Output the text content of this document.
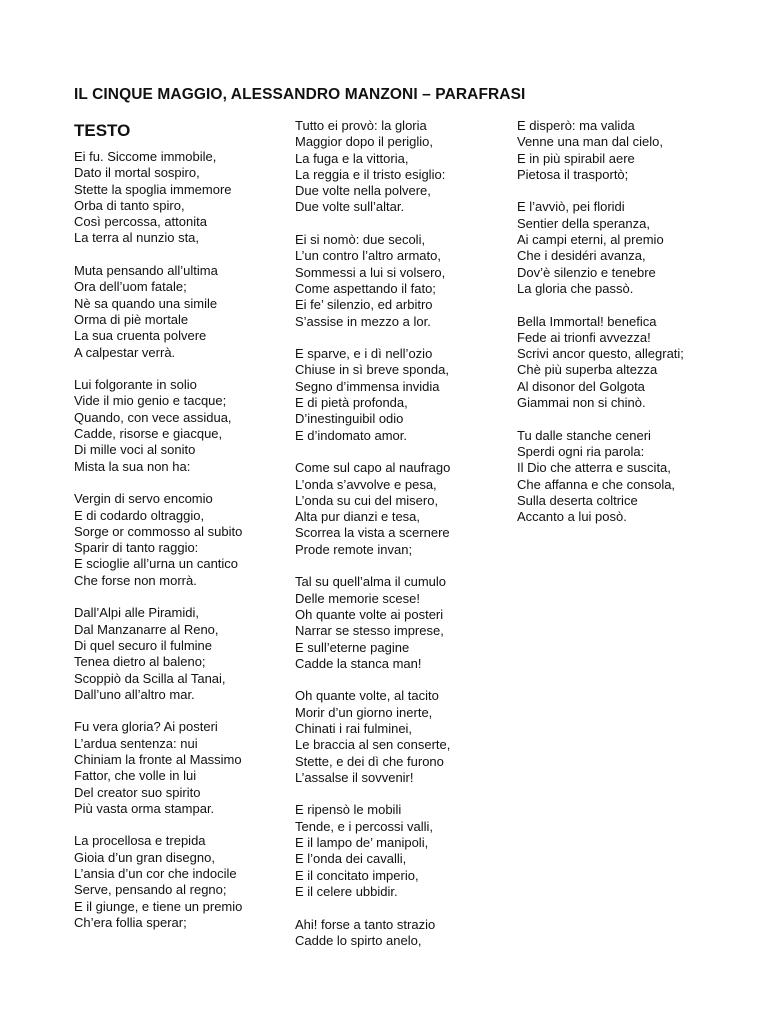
IL CINQUE MAGGIO, ALESSANDRO MANZONI – PARAFRASI
TESTO
Ei fu. Siccome immobile,
Dato il mortal sospiro,
Stette la spoglia immemore
Orba di tanto spiro,
Così percossa, attonita
La terra al nunzio sta,
Muta pensando all’ultima
Ora dell’uom fatale;
Nè sa quando una simile
Orma di piè mortale
La sua cruenta polvere
A calpestar verrà.
Lui folgorante in solio
Vide il mio genio e tacque;
Quando, con vece assidua,
Cadde, risorse e giacque,
Di mille voci al sonito
Mista la sua non ha:
Vergin di servo encomio
E di codardo oltraggio,
Sorge or commosso al subito
Sparir di tanto raggio:
E scioglie all’urna un cantico
Che forse non morrà.
Dall’Alpi alle Piramidi,
Dal Manzanarre al Reno,
Di quel securo il fulmine
Tenea dietro al baleno;
Scoppiò da Scilla al Tanai,
Dall’uno all’altro mar.
Fu vera gloria? Ai posteri
L’ardua sentenza: nui
Chiniam la fronte al Massimo
Fattor, che volle in lui
Del creator suo spirito
Più vasta orma stampar.
La procellosa e trepida
Gioia d’un gran disegno,
L’ansia d’un cor che indocile
Serve, pensando al regno;
E il giunge, e tiene un premio
Ch’era follia sperar;
Tutto ei provò: la gloria
Maggior dopo il periglio,
La fuga e la vittoria,
La reggia e il tristo esiglio:
Due volte nella polvere,
Due volte sull’altar.
Ei si nomò: due secoli,
L’un contro l’altro armato,
Sommessi a lui si volsero,
Come aspettando il fato;
Ei fe’ silenzio, ed arbitro
S’assise in mezzo a lor.
E sparve, e i dì nell’ozio
Chiuse in sì breve sponda,
Segno d’immensa invidia
E di pietà profonda,
D’inestinguibil odio
E d’indomato amor.
Come sul capo al naufrago
L’onda s’avvolve e pesa,
L’onda su cui del misero,
Alta pur dianzi e tesa,
Scorrea la vista a scernere
Prode remote invan;
Tal su quell’alma il cumulo
Delle memorie scese!
Oh quante volte ai posteri
Narrar se stesso imprese,
E sull’eterne pagine
Cadde la stanca man!
Oh quante volte, al tacito
Morir d’un giorno inerte,
Chinati i rai fulminei,
Le braccia al sen conserte,
Stette, e dei dì che furono
L’assalse il sovvenir!
E ripensò le mobili
Tende, e i percossi valli,
E il lampo de’ manipoli,
E l’onda dei cavalli,
E il concitato imperio,
E il celere ubbidir.
Ahi! forse a tanto strazio
Cadde lo spirto anelo,
E disperò: ma valida
Venne una man dal cielo,
E in più spirabil aere
Pietosa il trasportò;
E l’avviò, pei floridi
Sentier della speranza,
Ai campi eterni, al premio
Che i desidéri avanza,
Dov’è silenzio e tenebre
La gloria che passò.
Bella Immortal! benefica
Fede ai trionfi avvezza!
Scrivi ancor questo, allegrati;
Chè più superba altezza
Al disonor del Golgota
Giammai non si chinò.
Tu dalle stanche ceneri
Sperdi ogni ria parola:
Il Dio che atterra e suscita,
Che affanna e che consola,
Sulla deserta coltrice
Accanto a lui posò.
